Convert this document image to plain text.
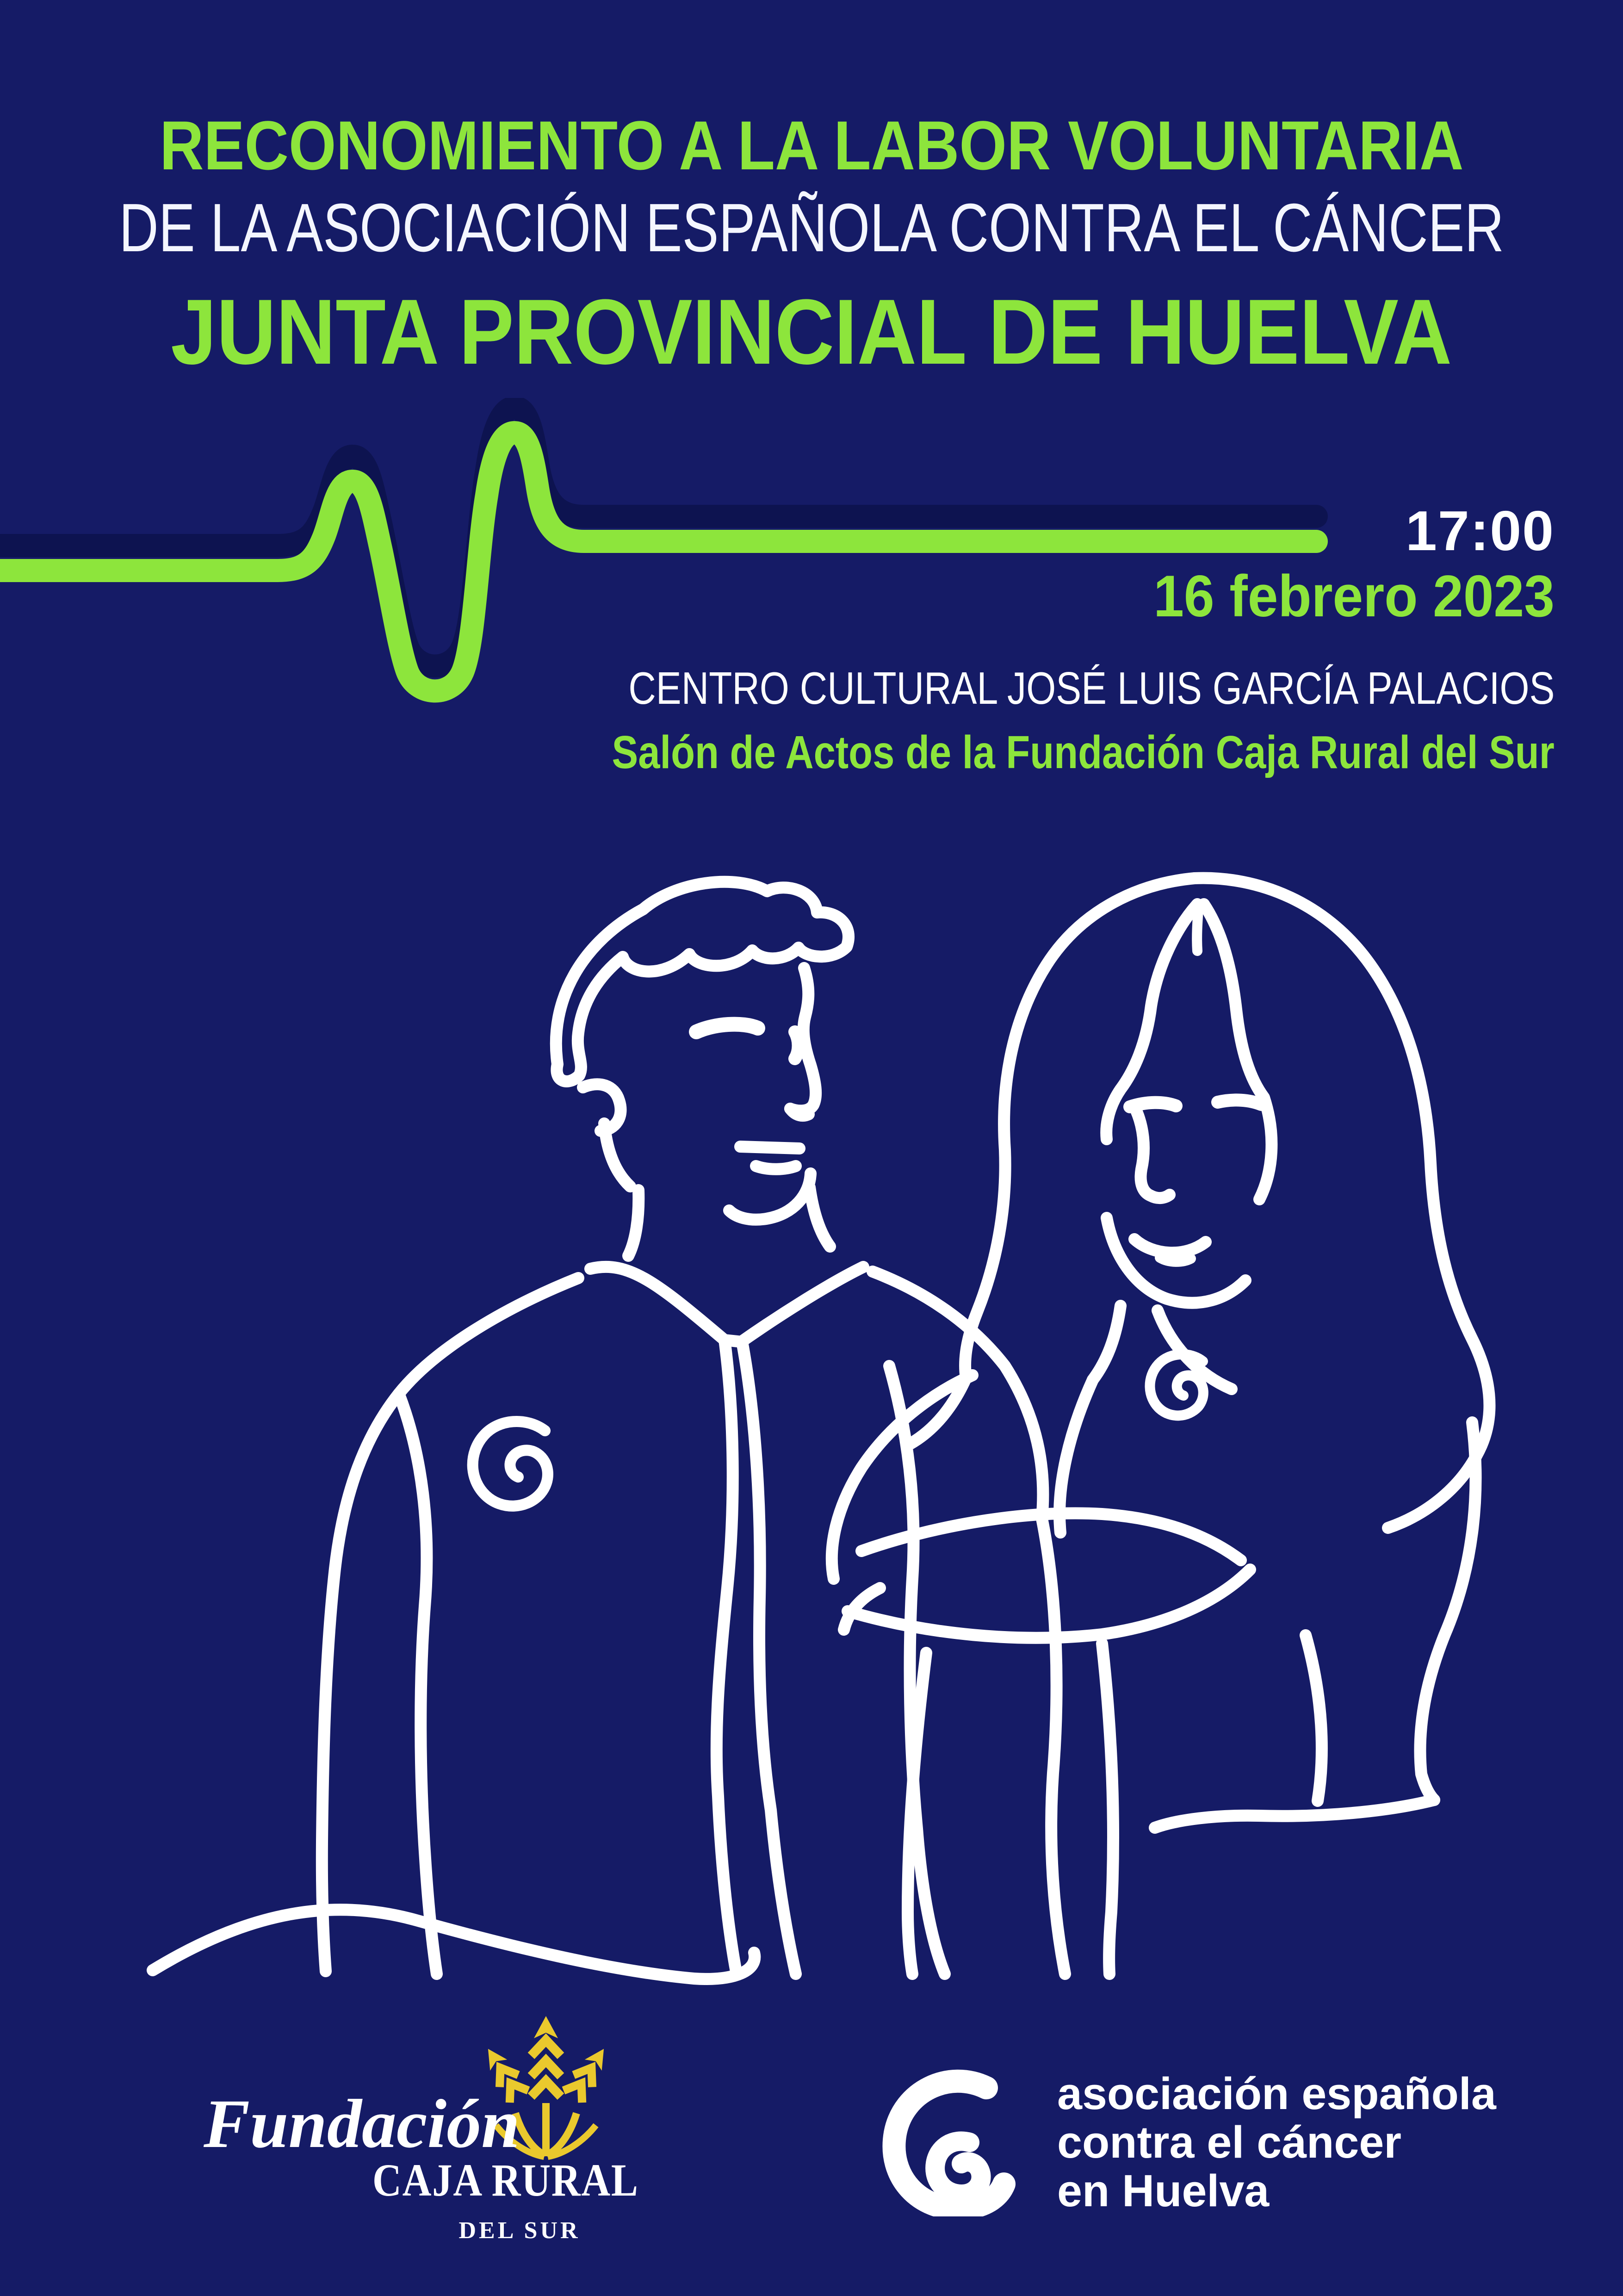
RECONOMIENTO A LA LABOR VOLUNTARIA
DE LA ASOCIACIÓN ESPAÑOLA CONTRA EL CÁNCER
JUNTA PROVINCIAL DE HUELVA
17:00
16 febrero 2023
CENTRO CULTURAL JOSÉ LUIS GARCÍA PALACIOS
Salón de Actos de la Fundación Caja Rural del Sur
Fundación
CAJA RURAL
DEL SUR
asociación española
contra el cáncer
en Huelva
